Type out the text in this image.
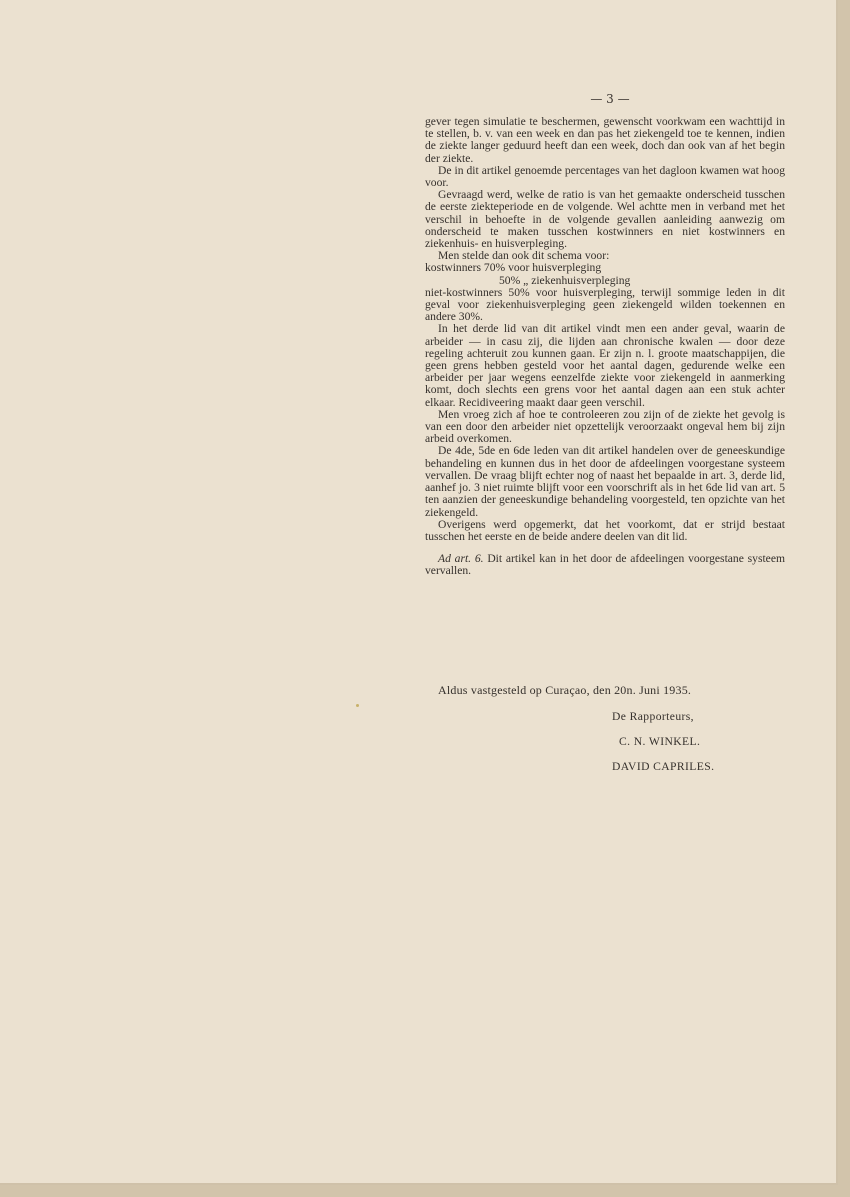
— 3 —

gever tegen simulatie te beschermen, gewenscht voorkwam een wachttijd in te stellen, b. v. van een week en dan pas het ziekengeld toe te kennen, indien de ziekte langer geduurd heeft dan een week, doch dan ook van af het begin der ziekte.

De in dit artikel genoemde percentages van het dagloon kwamen wat hoog voor.

Gevraagd werd, welke de ratio is van het gemaakte onderscheid tusschen de eerste ziekteperiode en de volgende. Wel achtte men in verband met het verschil in behoefte in de volgende gevallen aanleiding aanwezig om onderscheid te maken tusschen kostwinners en niet kostwinners en ziekenhuis- en huisverpleging.

Men stelde dan ook dit schema voor:

kostwinners 70% voor huisverpleging

50% „ ziekenhuisverpleging

niet-kostwinners 50% voor huisverpleging, terwijl sommige leden in dit geval voor ziekenhuisverpleging geen ziekengeld wilden toekennen en andere 30%.

In het derde lid van dit artikel vindt men een ander geval, waarin de arbeider — in casu zij, die lijden aan chronische kwalen — door deze regeling achteruit zou kunnen gaan. Er zijn n. l. groote maatschappijen, die geen grens hebben gesteld voor het aantal dagen, gedurende welke een arbeider per jaar wegens eenzelfde ziekte voor ziekengeld in aanmerking komt, doch slechts een grens voor het aantal dagen aan een stuk achter elkaar. Recidiveering maakt daar geen verschil.

Men vroeg zich af hoe te controleeren zou zijn of de ziekte het gevolg is van een door den arbeider niet opzettelijk veroorzaakt ongeval hem bij zijn arbeid overkomen.

De 4de, 5de en 6de leden van dit artikel handelen over de geneeskundige behandeling en kunnen dus in het door de afdeelingen voorgestane systeem vervallen. De vraag blijft echter nog of naast het bepaalde in art. 3, derde lid, aanhef jo. 3 niet ruimte blijft voor een voorschrift als in het 6de lid van art. 5 ten aanzien der geneeskundige behandeling voorgesteld, ten opzichte van het ziekengeld.

Overigens werd opgemerkt, dat het voorkomt, dat er strijd bestaat tusschen het eerste en de beide andere deelen van dit lid.

Ad art. 6. Dit artikel kan in het door de afdeelingen voorgestane systeem vervallen.

Aldus vastgesteld op Curaçao, den 20n. Juni 1935.
De Rapporteurs,
C. N. WINKEL.
DAVID CAPRILES.
